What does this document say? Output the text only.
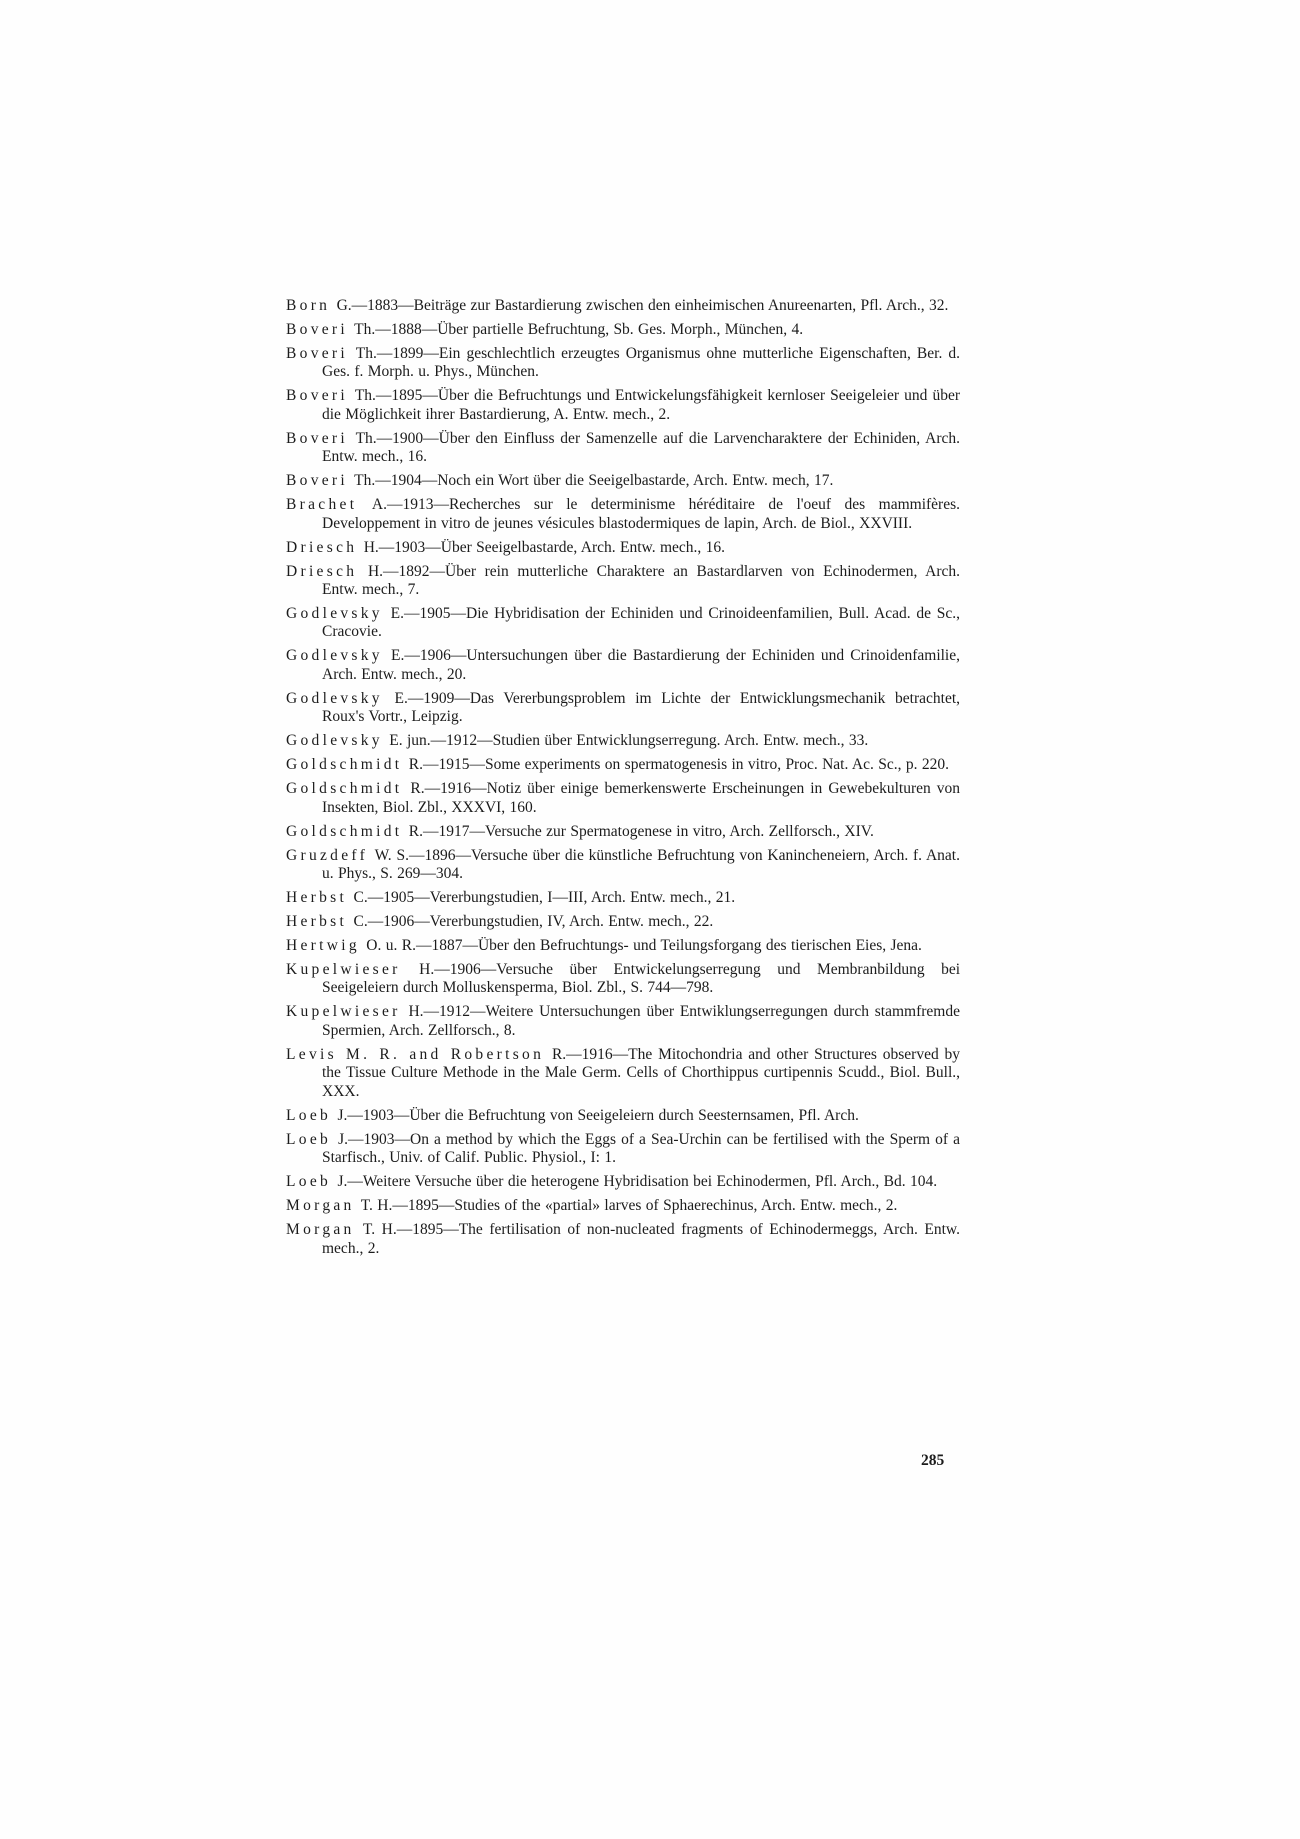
Born G.—1883—Beiträge zur Bastardierung zwischen den einheimischen Anureenarten, Pfl. Arch., 32.

Boveri Th.—1888—Über partielle Befruchtung, Sb. Ges. Morph., München, 4.

Boveri Th.—1899—Ein geschlechtlich erzeugtes Organismus ohne mutterliche Eigenschaften, Ber. d. Ges. f. Morph. u. Phys., München.

Boveri Th.—1895—Über die Befruchtungs und Entwickelungsfähigkeit kernloser Seeigeleier und über die Möglichkeit ihrer Bastardierung, A. Entw. mech., 2.

Boveri Th.—1900—Über den Einfluss der Samenzelle auf die Larvencharaktere der Echiniden, Arch. Entw. mech., 16.

Boveri Th.—1904—Noch ein Wort über die Seeigelbastarde, Arch. Entw. mech, 17.

Brachet A.—1913—Recherches sur le determinisme héréditaire de l'oeuf des mammifères. Developpement in vitro de jeunes vésicules blastodermiques de lapin, Arch. de Biol., XXVIII.

Driesch H.—1903—Über Seeigelbastarde, Arch. Entw. mech., 16.

Driesch H.—1892—Über rein mutterliche Charaktere an Bastardlarven von Echinodermen, Arch. Entw. mech., 7.

Godlevsky E.—1905—Die Hybridisation der Echiniden und Crinoideenfamilien, Bull. Acad. de Sc., Cracovie.

Godlevsky E.—1906—Untersuchungen über die Bastardierung der Echiniden und Crinoidenfamilie, Arch. Entw. mech., 20.

Godlevsky E.—1909—Das Vererbungsproblem im Lichte der Entwicklungsmechanik betrachtet, Roux's Vortr., Leipzig.

Godlevsky E. jun.—1912—Studien über Entwicklungserregung. Arch. Entw. mech., 33.

Goldschmidt R.—1915—Some experiments on spermatogenesis in vitro, Proc. Nat. Ac. Sc., p. 220.

Goldschmidt R.—1916—Notiz über einige bemerkenswerte Erscheinungen in Gewebekulturen von Insekten, Biol. Zbl., XXXVI, 160.

Goldschmidt R.—1917—Versuche zur Spermatogenese in vitro, Arch. Zellforsch., XIV.

Gruzdeff W. S.—1896—Versuche über die künstliche Befruchtung von Kanincheneiern, Arch. f. Anat. u. Phys., S. 269—304.

Herbst C.—1905—Vererbungstudien, I—III, Arch. Entw. mech., 21.

Herbst C.—1906—Vererbungstudien, IV, Arch. Entw. mech., 22.

Hertwig O. u. R.—1887—Über den Befruchtungs- und Teilungsforgang des tierischen Eies, Jena.

Kupelwieser H.—1906—Versuche über Entwickelungserregung und Membranbildung bei Seeigeleiern durch Molluskensperma, Biol. Zbl., S. 744—798.

Kupelwieser H.—1912—Weitere Untersuchungen über Entwiklungserregungen durch stammfremde Spermien, Arch. Zellforsch., 8.

Levis M. R. and Robertson R.—1916—The Mitochondria and other Structures observed by the Tissue Culture Methode in the Male Germ. Cells of Chorthippus curtipennis Scudd., Biol. Bull., XXX.

Loeb J.—1903—Über die Befruchtung von Seeigeleiern durch Seesternsamen, Pfl. Arch.

Loeb J.—1903—On a method by which the Eggs of a Sea-Urchin can be fertilised with the Sperm of a Starfisch., Univ. of Calif. Public. Physiol., I: 1.

Loeb J.—Weitere Versuche über die heterogene Hybridisation bei Echinodermen, Pfl. Arch., Bd. 104.

Morgan T. H.—1895—Studies of the «partial» larves of Sphaerechinus, Arch. Entw. mech., 2.

Morgan T. H.—1895—The fertilisation of non-nucleated fragments of Echinodermeggs, Arch. Entw. mech., 2.

285
